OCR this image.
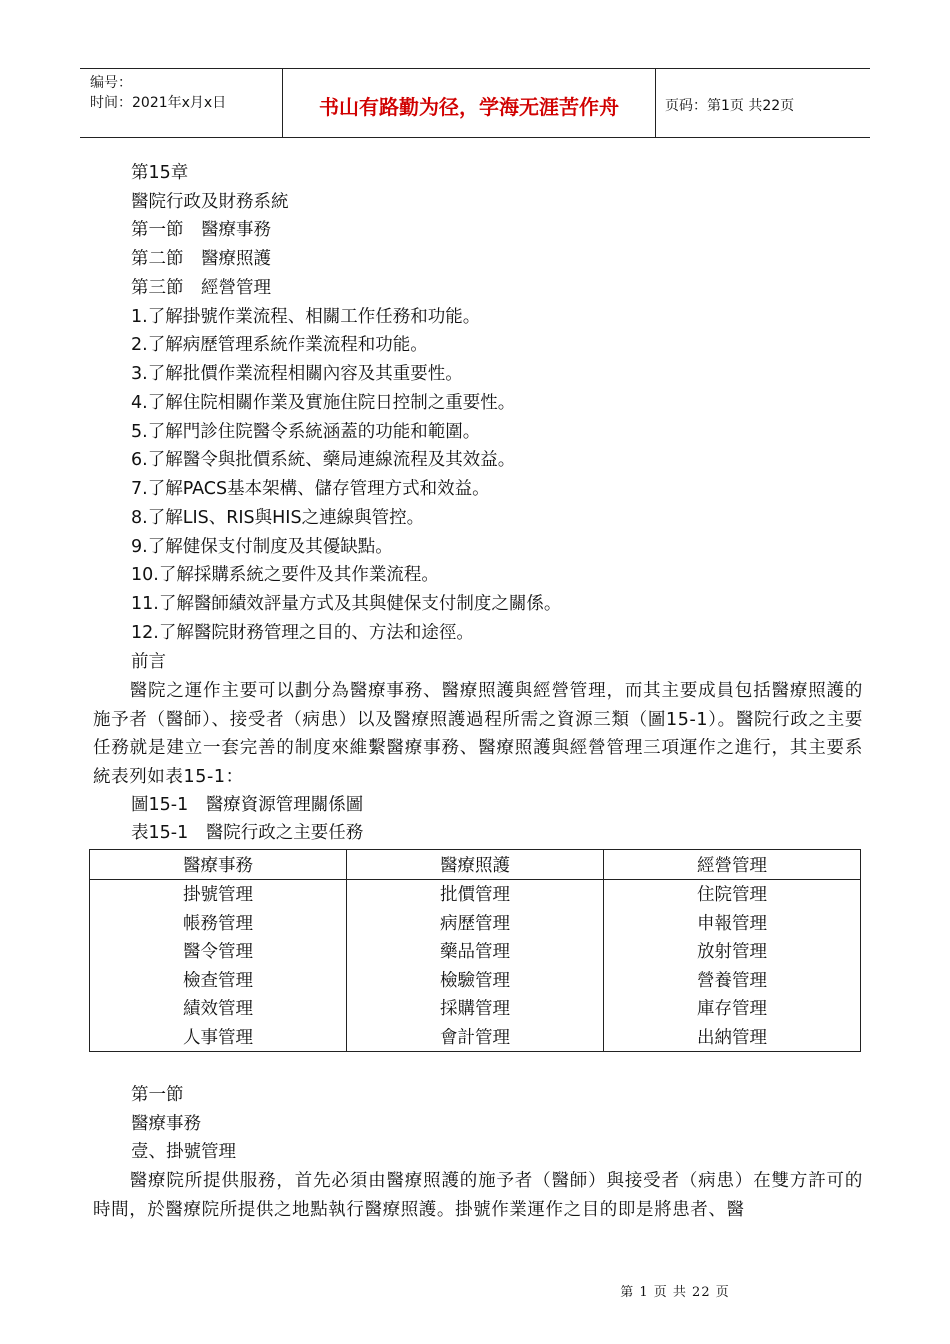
编号：
时间：2021年x月x日	书山有路勤为径，学海无涯苦作舟	页码：第1页 共22页
第15章
醫院行政及財務系統
第一節　醫療事務
第二節　醫療照護
第三節　經營管理
1.了解掛號作業流程、相關工作任務和功能。
2.了解病歷管理系統作業流程和功能。
3.了解批價作業流程相關內容及其重要性。
4.了解住院相關作業及實施住院日控制之重要性。
5.了解門診住院醫令系統涵蓋的功能和範圍。
6.了解醫令與批價系統、藥局連線流程及其效益。
7.了解PACS基本架構、儲存管理方式和效益。
8.了解LIS、RIS與HIS之連線與管控。
9.了解健保支付制度及其優缺點。
10.了解採購系統之要件及其作業流程。
11.了解醫師績效評量方式及其與健保支付制度之關係。
12.了解醫院財務管理之目的、方法和途徑。
前言
　　醫院之運作主要可以劃分為醫療事務、醫療照護與經營管理，而其主要成員包括醫療照護的施予者（醫師）、接受者（病患）以及醫療照護過程所需之資源三類（圖15-1）。醫院行政之主要任務就是建立一套完善的制度來維繫醫療事務、醫療照護與經營管理三項運作之進行，其主要系統表列如表15-1：
圖15-1　醫療資源管理關係圖
表15-1　醫院行政之主要任務
醫療事務	醫療照護	經營管理
掛號管理	批價管理	住院管理
帳務管理	病歷管理	申報管理
醫令管理	藥品管理	放射管理
檢查管理	檢驗管理	營養管理
績效管理	採購管理	庫存管理
人事管理	會計管理	出納管理
第一節
醫療事務
壹、掛號管理
　　醫療院所提供服務，首先必須由醫療照護的施予者（醫師）與接受者（病患）在雙方許可的時間，於醫療院所提供之地點執行醫療照護。掛號作業運作之目的即是將患者、醫
第 1 页 共 22 页
